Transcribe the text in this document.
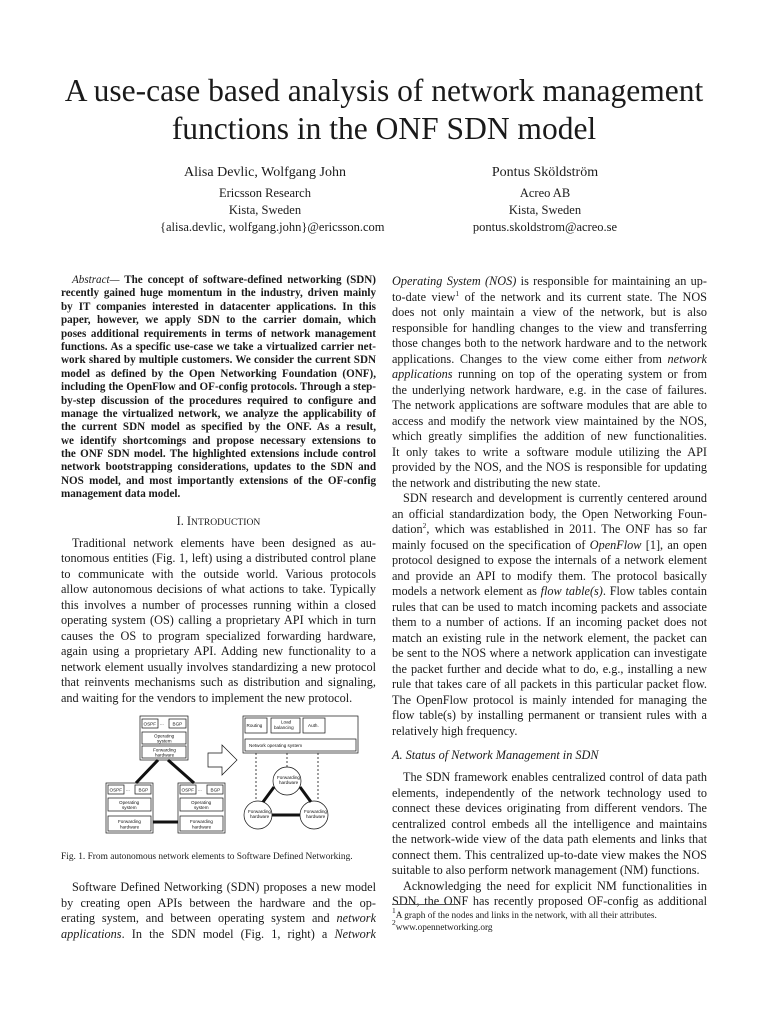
A use-case based analysis of network management
functions in the ONF SDN model
Alisa Devlic, Wolfgang John
Ericsson Research
Kista, Sweden
{alisa.devlic, wolfgang.john}@ericsson.com
Pontus Sköldström
Acreo AB
Kista, Sweden
pontus.skoldstrom@acreo.se
Abstract— The concept of software-defined networking (SDN)
recently gained huge momentum in the industry, driven mainly
by IT companies interested in datacenter applications. In this
paper, however, we apply SDN to the carrier domain, which
poses additional requirements in terms of network management
functions. As a specific use-case we take a virtualized carrier net-
work shared by multiple customers. We consider the current SDN
model as defined by the Open Networking Foundation (ONF),
including the OpenFlow and OF-config protocols. Through a step-
by-step discussion of the procedures required to configure and
manage the virtualized network, we analyze the applicability of
the current SDN model as specified by the ONF. As a result,
we identify shortcomings and propose necessary extensions to
the ONF SDN model. The highlighted extensions include control
network bootstrapping considerations, updates to the SDN and
NOS model, and most importantly extensions of the OF-config
management data model.
I. INTRODUCTION
Traditional network elements have been designed as au-
tonomous entities (Fig. 1, left) using a distributed control plane
to communicate with the outside world. Various protocols
allow autonomous decisions of what actions to take. Typically
this involves a number of processes running within a closed
operating system (OS) calling a proprietary API which in turn
causes the OS to program specialized forwarding hardware,
again using a proprietary API. Adding new functionality to a
network element usually involves standardizing a new protocol
that reinvents mechanisms such as distribution and signaling,
and waiting for the vendors to implement the new protocol.
OSPF ... BGP
Operating
system
Forwarding
hardware
OSPF ... BGP
Operating
system
Forwarding
hardware
OSPF ... BGP
Operating
system
Forwarding
hardware
Routing
Load
balancing	Auth.
Network operating system
Forwarding
hardware
Forwarding
hardware
Forwarding
hardware
Fig. 1. From autonomous network elements to Software Defined Networking.
Software Defined Networking (SDN) proposes a new model
by creating open APIs between the hardware and the op-
erating system, and between operating system and network
applications. In the SDN model (Fig. 1, right) a Network
Operating System (NOS) is responsible for maintaining an up-
to-date view$^1$ of the network and its current state. The NOS
does not only maintain a view of the network, but is also
responsible for handling changes to the view and transferring
those changes both to the network hardware and to the network
applications. Changes to the view come either from network
applications running on top of the operating system or from
the underlying network hardware, e.g. in the case of failures.
The network applications are software modules that are able to
access and modify the network view maintained by the NOS,
which greatly simplifies the addition of new functionalities.
It only takes to write a software module utilizing the API
provided by the NOS, and the NOS is responsible for updating
the network and distributing the new state.
SDN research and development is currently centered around
an official standardization body, the Open Networking Foun-
dation$^2$, which was established in 2011. The ONF has so far
mainly focused on the specification of OpenFlow [1], an open
protocol designed to expose the internals of a network element
and provide an API to modify them. The protocol basically
models a network element as flow table(s). Flow tables contain
rules that can be used to match incoming packets and associate
them to a number of actions. If an incoming packet does not
match an existing rule in the network element, the packet can
be sent to the NOS where a network application can investigate
the packet further and decide what to do, e.g., installing a new
rule that takes care of all packets in this particular packet flow.
The OpenFlow protocol is mainly intended for managing the
flow table(s) by installing permanent or transient rules with a
relatively high frequency.
A. Status of Network Management in SDN
The SDN framework enables centralized control of data path
elements, independently of the network technology used to
connect these devices originating from different vendors. The
centralized control embeds all the intelligence and maintains
the network-wide view of the data path elements and links that
connect them. This centralized up-to-date view makes the NOS
suitable to also perform network management (NM) functions.
Acknowledging the need for explicit NM functionalities in
SDN, the ONF has recently proposed OF-config as additional
$^1$A graph of the nodes and links in the network, with all their attributes.
$^2$www.opennetworking.org
